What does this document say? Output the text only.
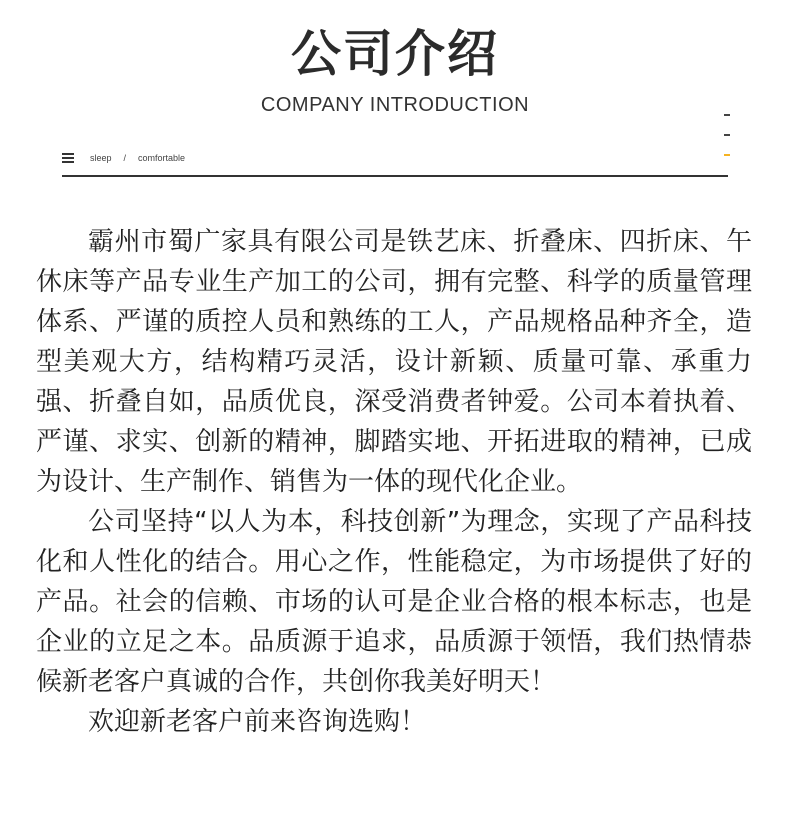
公司介绍
COMPANY INTRODUCTION
sleep / comfortable

霸州市蜀广家具有限公司是铁艺床、折叠床、四折床、午休床等产品专业生产加工的公司，拥有完整、科学的质量管理体系、严谨的质控人员和熟练的工人，产品规格品种齐全，造型美观大方，结构精巧灵活，设计新颖、质量可靠、承重力强、折叠自如，品质优良，深受消费者钟爱。公司本着执着、严谨、求实、创新的精神，脚踏实地、开拓进取的精神，已成为设计、生产制作、销售为一体的现代化企业。

公司坚持“以人为本，科技创新”为理念，实现了产品科技化和人性化的结合。用心之作，性能稳定，为市场提供了好的产品。社会的信赖、市场的认可是企业合格的根本标志，也是企业的立足之本。品质源于追求，品质源于领悟，我们热情恭候新老客户真诚的合作，共创你我美好明天！

欢迎新老客户前来咨询选购！
